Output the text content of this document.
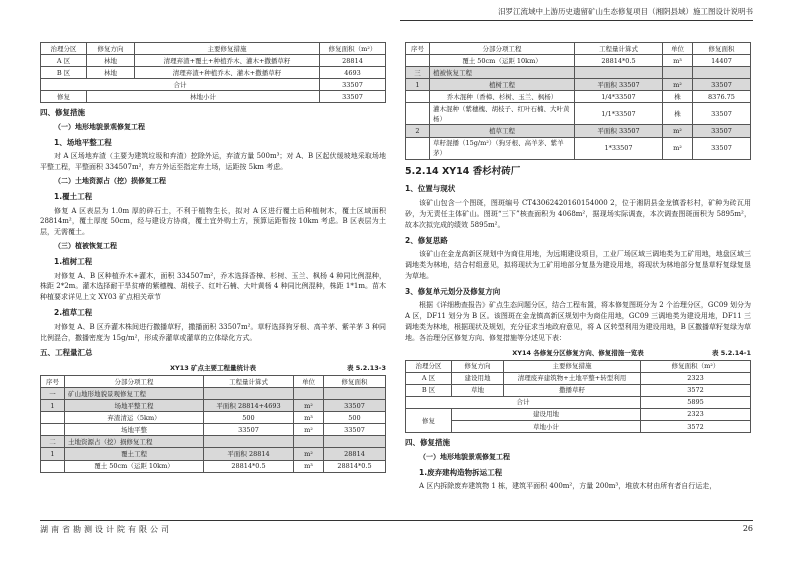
汨罗江流域中上游历史遗留矿山生态修复项目（湘阴县域）施工图设计说明书
治理分区	修复方向	主要修复措施	修复面积（m²）
A 区	林地	清理弃渣+覆土+种植乔木、灌木+撒播草籽	28814
B 区	林地	清理弃渣+种植乔木、灌木+撒播草籽	4693
合计			33507
修复	林地小计		33507
四、修复措施
（一）地形地貌景观修复工程
1、场地平整工程

对 A 区场地弃渣（主要为建筑垃圾和弃渣）挖除外运，弃渣方量 500m³；对 A、B 区起伏缓坡地采取场地平整工程，平整面积 334507m²，弃方外运至指定弃土场，运距按 5km 考虑。

（二）土地资源占（挖）损修复工程
1.覆土工程

修复 A 区表层为 1.0m 厚的碎石土，不利于植物生长，拟对 A 区进行覆土后种植树木，覆土区域面积 28814m²，覆土厚度 50cm，经与建设方协商，覆土宜外购土方，预算运距暂按 10km 考虑。B 区表层为土层，无需覆土。

（三）植被恢复工程
1.植树工程

对修复 A、B 区种植乔木+灌木，面积 334507m²，乔木选择香樟、杉树、玉兰、枫杨 4 种同比例混种，株距 2*2m。灌木选择耐干旱贫瘠的紫穗槐、胡枝子、红叶石楠、大叶黄杨 4 种同比例混种，株距 1*1m。苗木种植要求详见上文 XY03 矿点相关章节

2.植草工程

对修复 A、B 区乔灌木株间进行撒播草籽，撒播面积 33507m²。草籽选择狗牙根、高羊茅、紫羊茅 3 种同比例混合，撒播密度为 15g/m²，形成乔灌草或灌草的立体绿化方式。

五、工程量汇总
XY13 矿点主要工程量统计表	表 5.2.13-3
序号	分部分项工程	工程量计算式	单位	修复面积
一	矿山地形地貌景观修复工程			
1	场地平整工程	平面积 28814+4693	m²	33507
	弃渣清运（5km）	500	m³	500
	场地平整	33507	m²	33507
二	土地资源占（挖）损修复工程			
1	覆土工程	平面积 28814	m²	28814
	覆土 50cm（运距 10km）	28814*0.5	m³	28814*0.5
序号	分部分项工程	工程量计算式	单位	修复面积
	覆土 50cm（运距 10km）	28814*0.5	m³	14407
三	植被恢复工程			
1	植树工程	平面积 33507	m²	33507
	乔木混种（香樟、杉树、玉兰、枫杨）	1/4*33507	株	8376.75
	灌木混种（紫穗槐、胡枝子、红叶石楠、大叶黄杨）	1/1*33507	株	33507
2	植草工程	平面积 33507	m²	33507
	草籽混播（15g/m²）（狗牙根、高羊茅、紫羊茅）	1*33507	m²	33507
5.2.14 XY14 香杉村砖厂
1、位置与现状

该矿山包含一个图斑，图斑编号 CT43062420160154000 2，位于湘阴县金龙镇香杉村，矿种为砖瓦用砂，为无责任主体矿山。图斑“三下”核查面积为 4068m²，据现场实际调查，本次调查图斑面积为 5895m²，故本次拟完成的绩效 5895m²。

2、修复思路

该矿山在金龙高新区规划中为商住用地，为远期建设项目，工业厂场区域三调地类为工矿用地，地盘区域三调地类为林地，结合村组意见，拟将现状为工矿用地部分复垦为建设用地，将现状为林地部分复垦草籽复绿复垦为草地。

3、修复单元划分及修复方向

根据《详细勘查报告》矿点生态问题分区，结合工程布置，将本修复图斑分为 2 个治理分区，GC09 划分为 A 区，DF11 划分为 B 区。该图斑在金龙镇高新区规划中为商住用地，GC09 三调地类为建设用地，DF11 三调地类为林地，根据现状及规划，充分征求当地政府意见，将 A 区转型利用为建设用地，B 区撒播草籽复绿为草地。各治理分区修复方向、修复措施等分述见下表：

XY14 各修复分区修复方向、修复措施一览表	表 5.2.14-1
治理分区	修复方向	主要修复措施	修复面积（m²）
A 区	建设用地	清理废弃建筑物+土地平整+转型利用	2323
B 区	草地	撒播草籽	3572
合计			5895
修复	建设用地		2323
	草地小计		3572
四、修复措施
（一）地形地貌景观修复工程
1.废弃建构造物拆运工程

A 区内拆除废弃建筑物 1 栋，建筑平面积 400m²，方量 200m³，堆放木材由所有者自行运走，

湖南省勘测设计院有限公司	26
